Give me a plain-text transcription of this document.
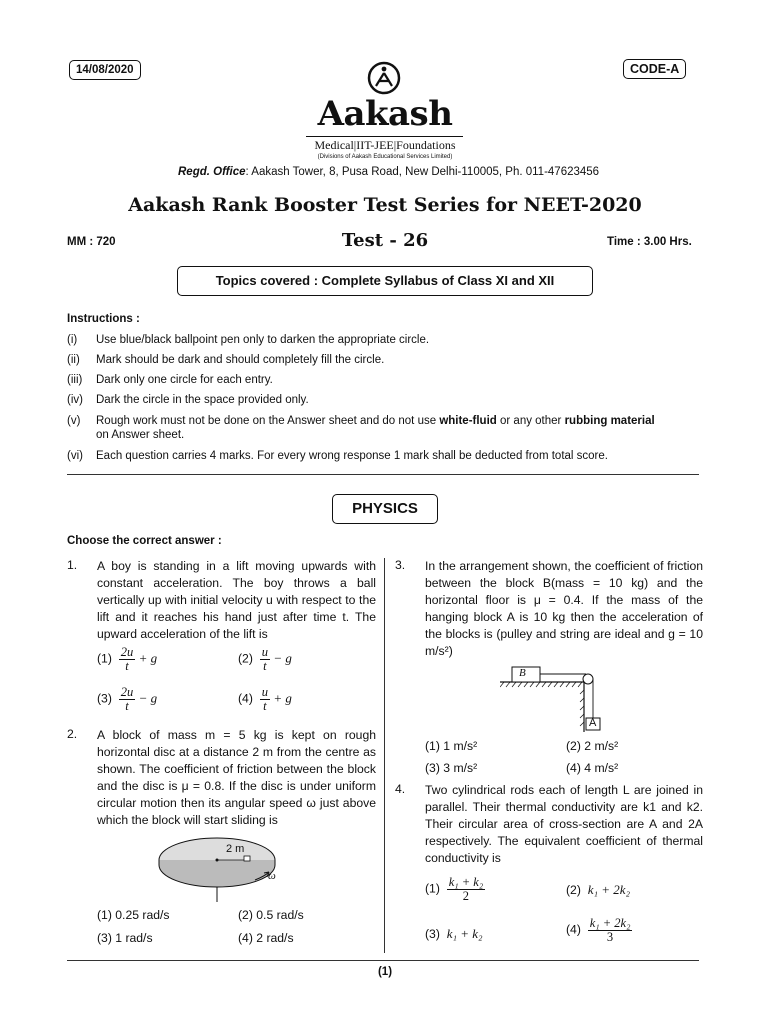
14/08/2020	CODE-A
Aakash
Medical|IIT-JEE|Foundations
(Divisions of Aakash Educational Services Limited)
Regd. Office: Aakash Tower, 8, Pusa Road, New Delhi-110005, Ph. 011-47623456
Aakash Rank Booster Test Series for NEET-2020
MM : 720	Test - 26	Time : 3.00 Hrs.
Topics covered : Complete Syllabus of Class XI and XII
Instructions :
(i) Use blue/black ballpoint pen only to darken the appropriate circle.
(ii) Mark should be dark and should completely fill the circle.
(iii) Dark only one circle for each entry.
(iv) Dark the circle in the space provided only.
(v) Rough work must not be done on the Answer sheet and do not use white-fluid or any other rubbing material
on Answer sheet.
(vi) Each question carries 4 marks. For every wrong response 1 mark shall be deducted from total score.
PHYSICS
Choose the correct answer :
1. A boy is standing in a lift moving upwards with constant acceleration. The boy throws a ball vertically up with initial velocity u with respect to the lift and it reaches his hand just after time t. The upward acceleration of the lift is
$(1) \frac{2u}{t} + g$	$(2) \frac{u}{t} - g$
$(3) \frac{2u}{t} - g$	$(4) \frac{u}{t} + g$
2. A block of mass m = 5 kg is kept on rough horizontal disc at a distance 2 m from the centre as shown. The coefficient of friction between the block and the disc is μ = 0.8. If the disc is under uniform circular motion then its angular speed ω just above which the block will start sliding is
2 m
ω
(1) 0.25 rad/s	(2) 0.5 rad/s
(3) 1 rad/s	(4) 2 rad/s
3. In the arrangement shown, the coefficient of friction between the block B(mass = 10 kg) and the horizontal floor is μ = 0.4. If the mass of the hanging block A is 10 kg then the acceleration of the blocks is (pulley and string are ideal and g = 10 m/s²)
B
A
(1) 1 m/s²	(2) 2 m/s²
(3) 3 m/s²	(4) 4 m/s²
4. Two cylindrical rods each of length L are joined in parallel. Their thermal conductivity are k1 and k2. Their circular area of cross-section are A and 2A respectively. The equivalent coefficient of thermal conductivity is
$(1) \frac{\text{k₁ + k₂}}{2}$	(2) k₁ + 2k₂
(3) k₁ + k₂	$(4) \frac{\text{k₁ + 2k₂}}{3}$
(1)
